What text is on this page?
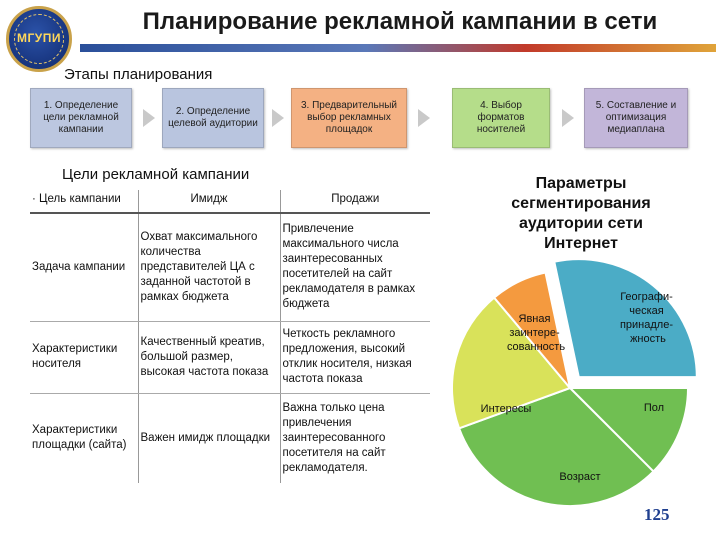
МГУПИ
Планирование рекламной кампании в сети
Этапы планирования
1. Определение цели рекламной кампании
2. Определение целевой аудитории
3. Предварительный выбор рекламных площадок
4. Выбор форматов носителей
5. Составление и оптимизация медиаплана
Цели рекламной кампании
· Цель кампании	Имидж	Продажи
Задача кампании	Охват максимального количества представителей ЦА с заданной частотой в рамках бюджета	Привлечение максимального числа заинтересованных посетителей на сайт рекламодателя в рамках бюджета
Характеристики носителя	Качественный креатив, большой размер, высокая частота показа	Четкость рекламного предложения, высокий отклик носителя, низкая частота показа
Характеристики площадки (сайта)	Важен имидж площадки	Важна только цена привлечения заинтересованного посетителя на сайт рекламодателя.
Параметры сегментирования аудитории сети Интернет
Географи- ческая принадле- жность
Пол
Возраст
Интересы
Явная заинтере- сованность
125
